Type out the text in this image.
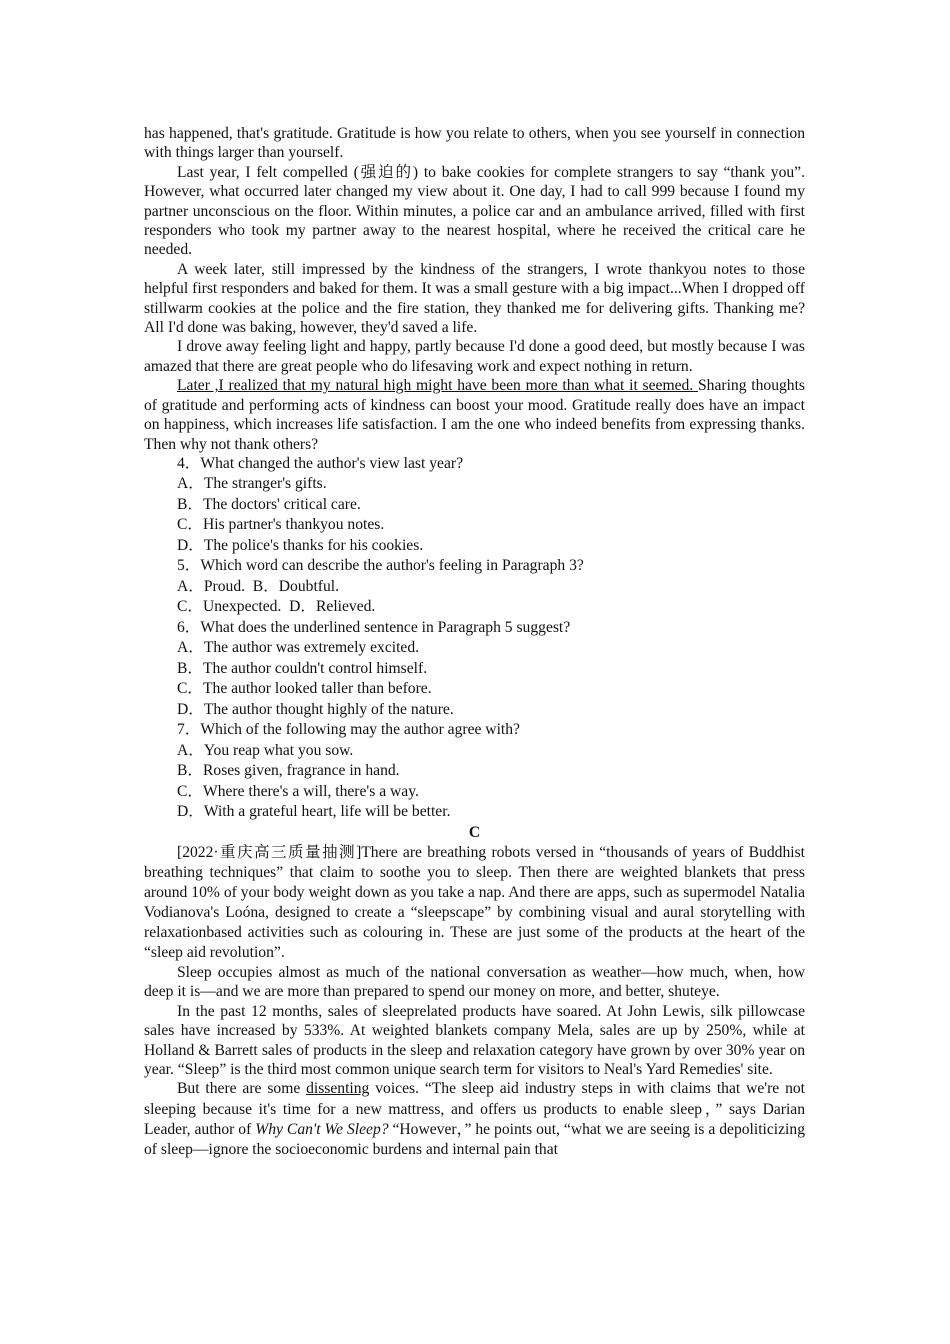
has happened, that's gratitude. Gratitude is how you relate to others, when you see yourself in connection with things larger than yourself.

Last year, I felt compelled (强迫的) to bake cookies for complete strangers to say “thank you”. However, what occurred later changed my view about it. One day, I had to call 999 because I found my partner unconscious on the floor. Within minutes, a police car and an ambulance arrived, filled with first responders who took my partner away to the nearest hospital, where he received the critical care he needed.

A week later, still impressed by the kindness of the strangers, I wrote thankyou notes to those helpful first responders and baked for them. It was a small gesture with a big impact...When I dropped off stillwarm cookies at the police and the fire station, they thanked me for delivering gifts. Thanking me? All I'd done was baking, however, they'd saved a life.

I drove away feeling light and happy, partly because I'd done a good deed, but mostly because I was amazed that there are great people who do lifesaving work and expect nothing in return.

Later ,I realized that my natural high might have been more than what it seemed. Sharing thoughts of gratitude and performing acts of kindness can boost your mood. Gratitude really does have an impact on happiness, which increases life satisfaction. I am the one who indeed benefits from expressing thanks. Then why not thank others?

4．What changed the author's view last year?

A．The stranger's gifts.

B．The doctors' critical care.

C．His partner's thankyou notes.

D．The police's thanks for his cookies.

5．Which word can describe the author's feeling in Paragraph 3?

A．Proud.  B．Doubtful.

C．Unexpected.  D．Relieved.

6．What does the underlined sentence in Paragraph 5 suggest?

A．The author was extremely excited.

B．The author couldn't control himself.

C．The author looked taller than before.

D．The author thought highly of the nature.

7．Which of the following may the author agree with?

A．You reap what you sow.

B．Roses given, fragrance in hand.

C．Where there's a will, there's a way.

D．With a grateful heart, life will be better.

C

[2022·重庆高三质量抽测]There are breathing robots versed in “thousands of years of Buddhist breathing techniques” that claim to soothe you to sleep. Then there are weighted blankets that press around 10% of your body weight down as you take a nap. And there are apps, such as supermodel Natalia Vodianova's Loóna, designed to create a “sleepscape” by combining visual and aural storytelling with relaxationbased activities such as colouring in. These are just some of the products at the heart of the “sleep aid revolution”.

Sleep occupies almost as much of the national conversation as weather—how much, when, how deep it is—and we are more than prepared to spend our money on more, and better, shuteye.

In the past 12 months, sales of sleeprelated products have soared. At John Lewis, silk pillowcase sales have increased by 533%. At weighted blankets company Mela, sales are up by 250%, while at Holland & Barrett sales of products in the sleep and relaxation category have grown by over 30% year on year. “Sleep” is the third most common unique search term for visitors to Neal's Yard Remedies' site.

But there are some dissenting voices. “The sleep aid industry steps in with claims that we're not sleeping because it's time for a new mattress, and offers us products to enable sleep，” says Darian Leader, author of Why Can't We Sleep? “However，” he points out, “what we are seeing is a depoliticizing of sleep—ignore the socioeconomic burdens and internal pain that
